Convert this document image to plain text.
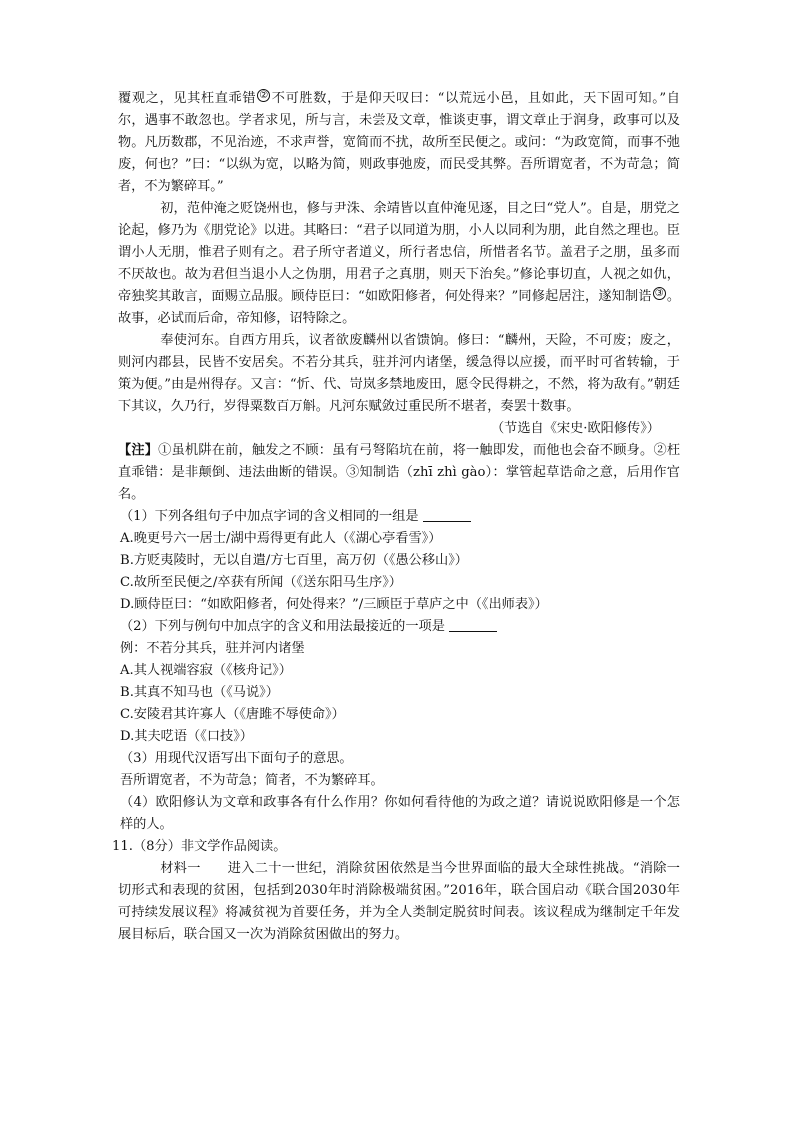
覆观之，见其枉直乖错 ② 不可胜数，于是仰天叹曰：“以荒远小邑，且如此，天下固可知。”自尔，遇事不敢忽也。学者求见，所与言，未尝及文章，惟谈吏事，谓文章止于润身，政事可以及物。凡历数郡，不见治迹，不求声誉，宽简而不扰，故所至民便之。或问：“为政宽简，而事不弛废，何也？”曰：“以纵为宽，以略为简，则政事弛废，而民受其弊。吾所谓宽者，不为苛急；简者，不为繁碎耳。”

初，范仲淹之贬饶州也，修与尹洙、余靖皆以直仲淹见逐，目之曰“党人”。自是，朋党之论起，修乃为《朋党论》以进。其略曰：“君子以同道为朋，小人以同利为朋，此自然之理也。臣谓小人无朋，惟君子则有之。君子所守者道义，所行者忠信，所惜者名节。盖君子之朋，虽多而不厌故也。故为君但当退小人之伪朋，用君子之真朋，则天下治矣。”修论事切直，人视之如仇，帝独奖其敢言，面赐立品服。顾侍臣曰：“如欧阳修者，何处得来？”同修起居注，遂知制诰 ③ 。故事，必试而后命，帝知修，诏特除之。

奉使河东。自西方用兵，议者欲废麟州以省馈饷。修曰：“麟州，天险，不可废；废之，则河内郡县，民皆不安居矣。不若分其兵，驻并河内诸堡，缓急得以应援，而平时可省转输，于策为便。”由是州得存。又言：“忻、代、岢岚多禁地废田，愿令民得耕之，不然，将为敌有。”朝廷下其议，久乃行，岁得粟数百万斛。凡河东赋敛过重民所不堪者，奏罢十数事。

（节选自《宋史·欧阳修传》）

【注】①虽机阱在前，触发之不顾：虽有弓弩陷坑在前，将一触即发，而他也会奋不顾身。②枉直乖错：是非颠倒、违法曲断的错误。③知制诰（zhī zhì gào）：掌管起草诰命之意，后用作官名。

（1）下列各组句子中加点字词的含义相同的一组是

A.晚更号六一居士/湖中焉得更有此人（《湖心亭看雪》）

B.方贬夷陵时，无以自遣/方七百里，高万仞（《愚公移山》）

C.故所至民便之/卒获有所闻（《送东阳马生序》）

D.顾侍臣曰：“如欧阳修者，何处得来？”/三顾臣于草庐之中（《出师表》）

（2）下列与例句中加点字的含义和用法最接近的一项是

例：不若分其兵，驻并河内诸堡

A.其人视端容寂（《核舟记》）

B.其真不知马也（《马说》）

C.安陵君其许寡人（《唐雎不辱使命》）

D.其夫呓语（《口技》）

（3）用现代汉语写出下面句子的意思。

吾所谓宽者，不为苛急；简者，不为繁碎耳。

（4）欧阳修认为文章和政事各有什么作用？你如何看待他的为政之道？请说说欧阳修是一个怎样的人。

11.（8分）非文学作品阅读。

材料一　　进入二十一世纪，消除贫困依然是当今世界面临的最大全球性挑战。“消除一切形式和表现的贫困，包括到2030年时消除极端贫困。”2016年，联合国启动《联合国2030年可持续发展议程》将减贫视为首要任务，并为全人类制定脱贫时间表。该议程成为继制定千年发展目标后，联合国又一次为消除贫困做出的努力。
